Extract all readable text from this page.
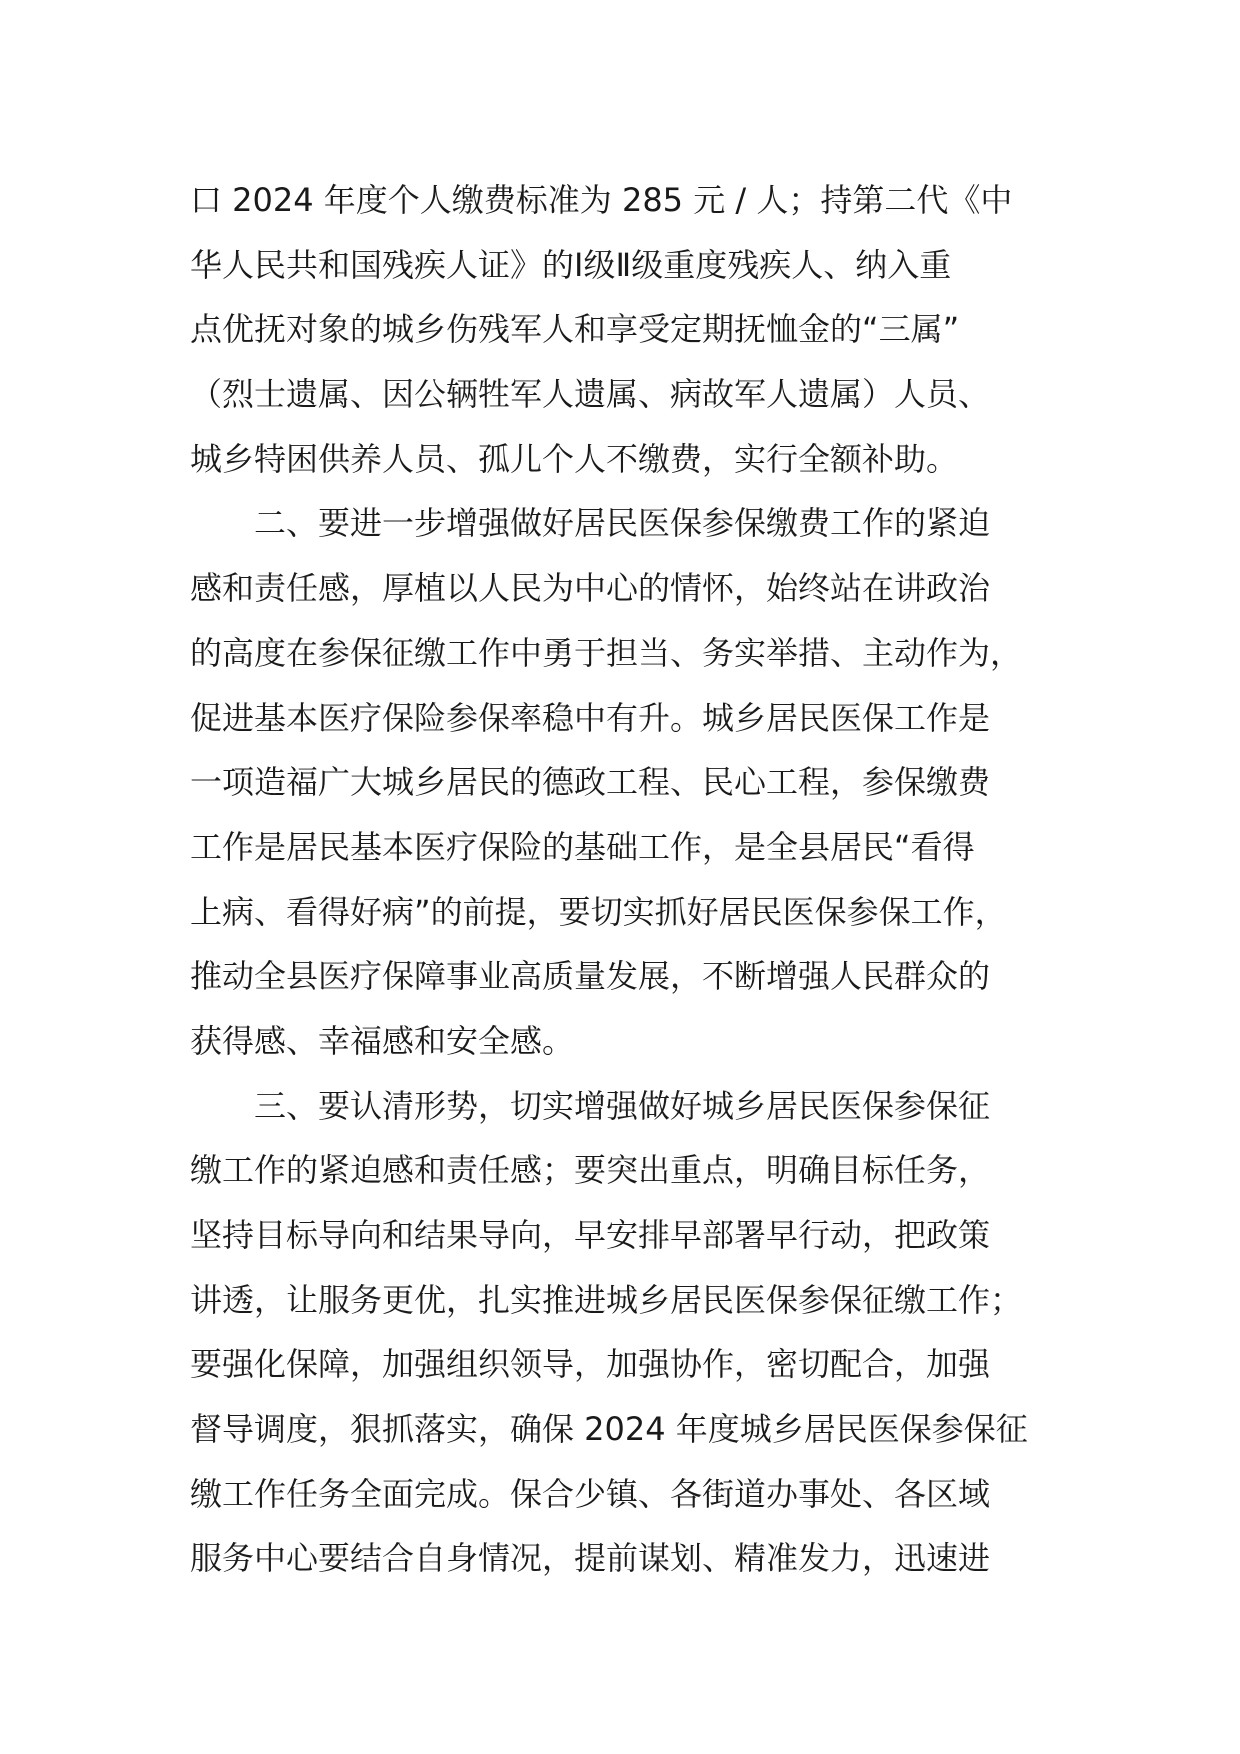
口 2024 年度个人缴费标准为 285 元 / 人；持第二代《中
华人民共和国残疾人证》的Ⅰ级Ⅱ级重度残疾人、纳入重
点优抚对象的城乡伤残军人和享受定期抚恤金的“三属”
（烈士遗属、因公辆牲军人遗属、病故军人遗属）人员、
城乡特困供养人员、孤儿个人不缴费，实行全额补助。
二、要进一步增强做好居民医保参保缴费工作的紧迫
感和责任感，厚植以人民为中心的情怀，始终站在讲政治
的高度在参保征缴工作中勇于担当、务实举措、主动作为，
促进基本医疗保险参保率稳中有升。城乡居民医保工作是
一项造福广大城乡居民的德政工程、民心工程，参保缴费
工作是居民基本医疗保险的基础工作，是全县居民“看得
上病、看得好病”的前提，要切实抓好居民医保参保工作，
推动全县医疗保障事业高质量发展，不断增强人民群众的
获得感、幸福感和安全感。
三、要认清形势，切实增强做好城乡居民医保参保征
缴工作的紧迫感和责任感；要突出重点，明确目标任务，
坚持目标导向和结果导向，早安排早部署早行动，把政策
讲透，让服务更优，扎实推进城乡居民医保参保征缴工作；
要强化保障，加强组织领导，加强协作，密切配合，加强
督导调度，狠抓落实，确保 2024 年度城乡居民医保参保征
缴工作任务全面完成。保合少镇、各街道办事处、各区域
服务中心要结合自身情况，提前谋划、精准发力，迅速进
